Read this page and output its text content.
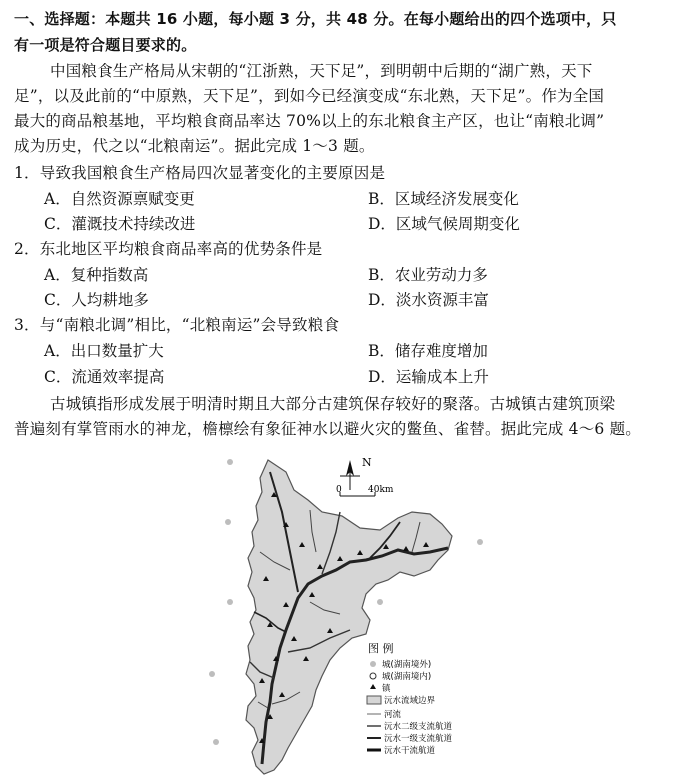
一、选择题：本题共 16 小题，每小题 3 分，共 48 分。在每小题给出的四个选项中，只
有一项是符合题目要求的。
中国粮食生产格局从宋朝的“江浙熟，天下足”，到明朝中后期的“湖广熟，天下
足”，以及此前的“中原熟，天下足”，到如今已经演变成“东北熟，天下足”。作为全国
最大的商品粮基地，平均粮食商品率达 70%以上的东北粮食主产区，也让“南粮北调”
成为历史，代之以“北粮南运”。据此完成 1～3 题。
1．导致我国粮食生产格局四次显著变化的主要原因是
A．自然资源禀赋变更	B．区域经济发展变化
C．灌溉技术持续改进	D．区域气候周期变化
2．东北地区平均粮食商品率高的优势条件是
A．复种指数高	B．农业劳动力多
C．人均耕地多	D．淡水资源丰富
3．与“南粮北调”相比，“北粮南运”会导致粮食
A．出口数量扩大	B．储存难度增加
C．流通效率提高	D．运输成本上升
古城镇指形成发展于明清时期且大部分古建筑保存较好的聚落。古城镇古建筑顶梁
普遍刻有掌管雨水的神龙，檐檩绘有象征神水以避火灾的鳖鱼、雀替。据此完成 4～6 题。
N
0	40km
图 例
城(湖南境外)
城(湖南境内)
镇
沅水流域边界
河流
沅水二级支流航道
沅水一级支流航道
沅水干流航道
